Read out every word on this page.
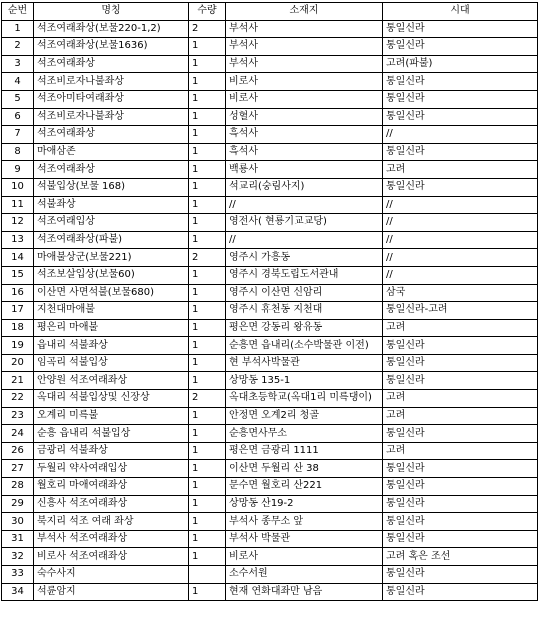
순번	명칭	수량	소재지	시대
1	석조여래좌상(보물220-1,2)	2	부석사	통일신라
2	석조여래좌상(보물1636)	1	부석사	통일신라
3	석조여래좌상	1	부석사	고려(파불)
4	석조비로자나불좌상	1	비로사	통일신라
5	석조아미타여래좌상	1	비로사	통일신라
6	석조비로자나불좌상	1	성혈사	통일신라
7	석조여래좌상	1	흑석사	//
8	마애삼존	1	흑석사	통일신라
9	석조여래좌상	1	백룡사	고려
10	석불입상(보물 168)	1	석교리(숭림사지)	통일신라
11	석불좌상	1	//	//
12	석조여래입상	1	영전사( 현룡기교교당)	//
13	석조여래좌상(파불)	1	//	//
14	마애불상군(보물221)	2	영주시 가흥동	//
15	석조보살입상(보물60)	1	영주시 경북도립도서관내	//
16	이산면 사면석불(보물680)	1	영주시 이산면 신암리	삼국
17	지천대마애불	1	영주시 휴천동 지천대	통일신라-고려
18	평은리 마애불	1	평은면 강동리 왕유동	고려
19	읍내리 석불좌상	1	순흥면 읍내리(소수박물관 이전)	통일신라
20	임곡리 석불입상	1	현 부석사박물관	통일신라
21	안양원 석조여래좌상	1	상망동 135-1	통일신라
22	옥대리 석불입상및 신장상	2	옥대초등학교(옥대1리 미륵댕이)	고려
23	오계리 미륵불	1	안정면 오계2리 청골	고려
24	순흥 읍내리 석불입상	1	순흥면사무소	통일신라
26	금광리 석불좌상	1	평은면 금광리 1111	고려
27	두월리 약사여래입상	1	이산면 두월리 산 38	통일신라
28	월호리 마애여래좌상	1	문수면 월호리 산221	통일신라
29	신흥사 석조여래좌상	1	상망동 산19-2	통일신라
30	북지리 석조 여래 좌상	1	부석사 종무소 앞	통일신라
31	부석사 석조여래좌상	1	부석사 박물관	통일신라
32	비로사 석조여래좌상	1	비로사	고려 혹은 조선
33	숙수사지		소수서원	통일신라
34	석륜암지	1	현재 연화대좌만 남음	통일신라
